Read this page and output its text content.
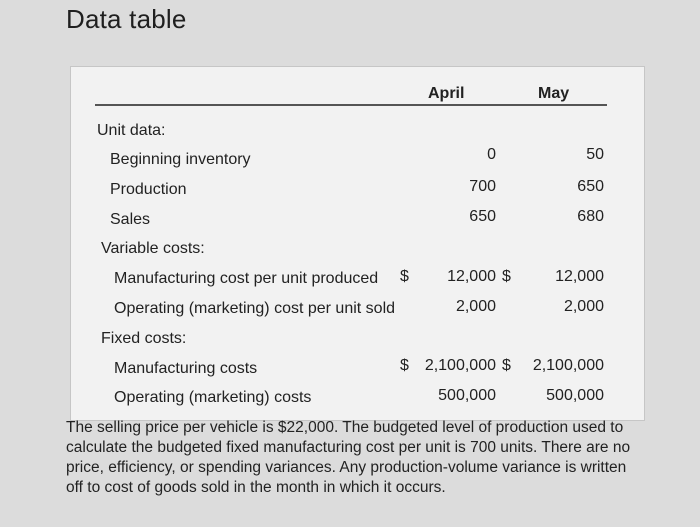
Data table
April	May
Unit data:
Beginning inventory	0	50
Production	700	650
Sales	650	680
Variable costs:
Manufacturing cost per unit produced $	12,000 $	12,000
Operating (marketing) cost per unit sold	2,000	2,000
Fixed costs:
Manufacturing costs	$ 2,100,000 $	2,100,000
Operating (marketing) costs	500,000	500,000
The selling price per vehicle is $22,000. The budgeted level of production used to calculate the budgeted fixed manufacturing cost per unit is 700 units. There are no price, efficiency, or spending variances. Any production-volume variance is written off to cost of goods sold in the month in which it occurs.
